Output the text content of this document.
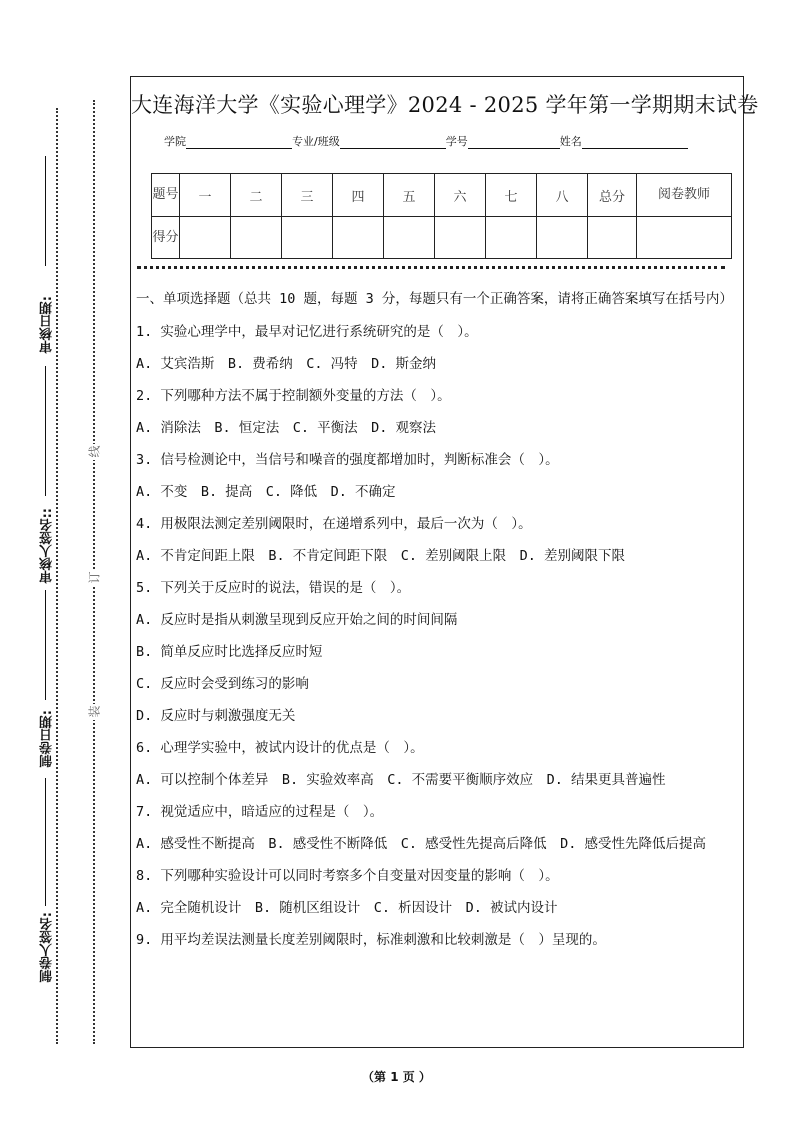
审核日期:
审核人签名::
制卷日期:
制卷人签名:
线
订
装
大连海洋大学《实验心理学》2024 - 2025 学年第一学期期末试卷
学院	专业/班级	学号	姓名
题号	一	二	三	四	五	六	七	八	总分	阅卷教师
得分										

一、单项选择题（总共 10 题，每题 3 分，每题只有一个正确答案，请将正确答案填写在括号内）

1. 实验心理学中，最早对记忆进行系统研究的是（　）。

A. 艾宾浩斯　B. 费希纳　C. 冯特　D. 斯金纳

2. 下列哪种方法不属于控制额外变量的方法（　）。

A. 消除法　B. 恒定法　C. 平衡法　D. 观察法

3. 信号检测论中，当信号和噪音的强度都增加时，判断标准会（　）。

A. 不变　B. 提高　C. 降低　D. 不确定

4. 用极限法测定差别阈限时，在递增系列中，最后一次为（　）。

A. 不肯定间距上限　B. 不肯定间距下限　C. 差别阈限上限　D. 差别阈限下限

5. 下列关于反应时的说法，错误的是（　）。

A. 反应时是指从刺激呈现到反应开始之间的时间间隔

B. 简单反应时比选择反应时短

C. 反应时会受到练习的影响

D. 反应时与刺激强度无关

6. 心理学实验中，被试内设计的优点是（　）。

A. 可以控制个体差异　B. 实验效率高　C. 不需要平衡顺序效应　D. 结果更具普遍性

7. 视觉适应中，暗适应的过程是（　）。

A. 感受性不断提高　B. 感受性不断降低　C. 感受性先提高后降低　D. 感受性先降低后提高

8. 下列哪种实验设计可以同时考察多个自变量对因变量的影响（　）。

A. 完全随机设计　B. 随机区组设计　C. 析因设计　D. 被试内设计

9. 用平均差误法测量长度差别阈限时，标准刺激和比较刺激是（　）呈现的。

（第 1 页 ）
